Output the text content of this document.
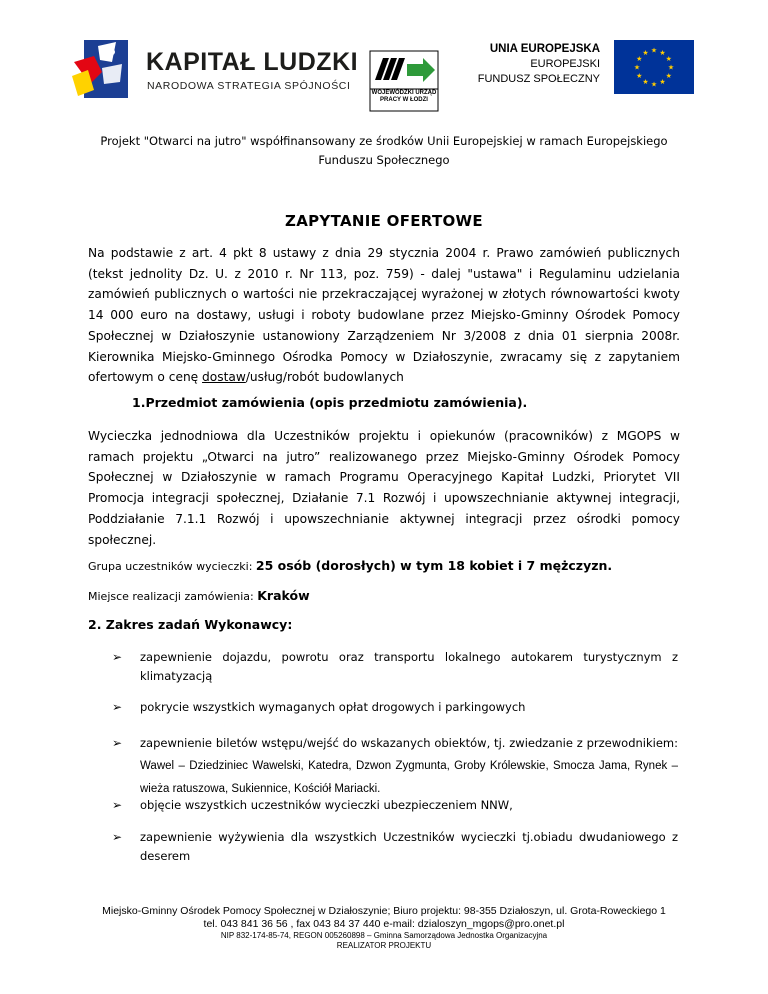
KAPITAŁ LUDZKI
NARODOWA STRATEGIA SPÓJNOŚCI
WOJEWÓDZKI URZĄD PRACY W ŁODZI
UNIA EUROPEJSKA
EUROPEJSKI
FUNDUSZ SPOŁECZNY
★ ★
★
★
★
★
★
★
★
★
★
★
Projekt "Otwarci na jutro" współfinansowany ze środków Unii Europejskiej w ramach Europejskiego
Funduszu Społecznego
ZAPYTANIE OFERTOWE
Na podstawie z art. 4 pkt 8 ustawy z dnia 29 stycznia 2004 r. Prawo zamówień publicznych (tekst jednolity Dz. U. z 2010 r. Nr 113, poz. 759) - dalej "ustawa" i Regulaminu udzielania zamówień publicznych o wartości nie przekraczającej wyrażonej w złotych równowartości kwoty 14 000 euro na dostawy, usługi i roboty budowlane przez Miejsko-Gminny Ośrodek Pomocy Społecznej w Działoszynie ustanowiony Zarządzeniem Nr 3/2008 z dnia 01 sierpnia 2008r. Kierownika Miejsko-Gminnego Ośrodka Pomocy w Działoszynie, zwracamy się z zapytaniem ofertowym o cenę dostaw/usług/robót budowlanych
1.Przedmiot zamówienia (opis przedmiotu zamówienia).
Wycieczka jednodniowa dla Uczestników projektu i opiekunów (pracowników) z MGOPS w ramach projektu „Otwarci na jutro” realizowanego przez Miejsko-Gminny Ośrodek Pomocy Społecznej w Działoszynie w ramach Programu Operacyjnego Kapitał Ludzki, Priorytet VII Promocja integracji społecznej, Działanie 7.1 Rozwój i upowszechnianie aktywnej integracji, Poddziałanie 7.1.1 Rozwój i upowszechnianie aktywnej integracji przez ośrodki pomocy społecznej.
Grupa uczestników wycieczki: 25 osób (dorosłych) w tym 18 kobiet i 7 mężczyzn.
Miejsce realizacji zamówienia: Kraków
2. Zakres zadań Wykonawcy:
➢ zapewnienie dojazdu, powrotu oraz transportu lokalnego autokarem turystycznym z klimatyzacją
➢ pokrycie wszystkich wymaganych opłat drogowych i parkingowych
➢ zapewnienie biletów wstępu/wejść do wskazanych obiektów, tj. zwiedzanie z przewodnikiem: Wawel – Dziedziniec Wawelski, Katedra, Dzwon Zygmunta, Groby Królewskie, Smocza Jama, Rynek – wieża ratuszowa, Sukiennice, Kościół Mariacki.
➢ objęcie wszystkich uczestników wycieczki ubezpieczeniem NNW,
➢ zapewnienie wyżywienia dla wszystkich Uczestników wycieczki tj.obiadu dwudaniowego z deserem
Miejsko-Gminny Ośrodek Pomocy Społecznej w Działoszynie; Biuro projektu: 98-355 Działoszyn, ul. Grota-Roweckiego 1
tel. 043 841 36 56 , fax 043 84 37 440 e-mail: dzialoszyn_mgops@pro.onet.pl
NIP 832-174-85-74, REGON 005260898 – Gminna Samorządowa Jednostka Organizacyjna
REALIZATOR PROJEKTU
